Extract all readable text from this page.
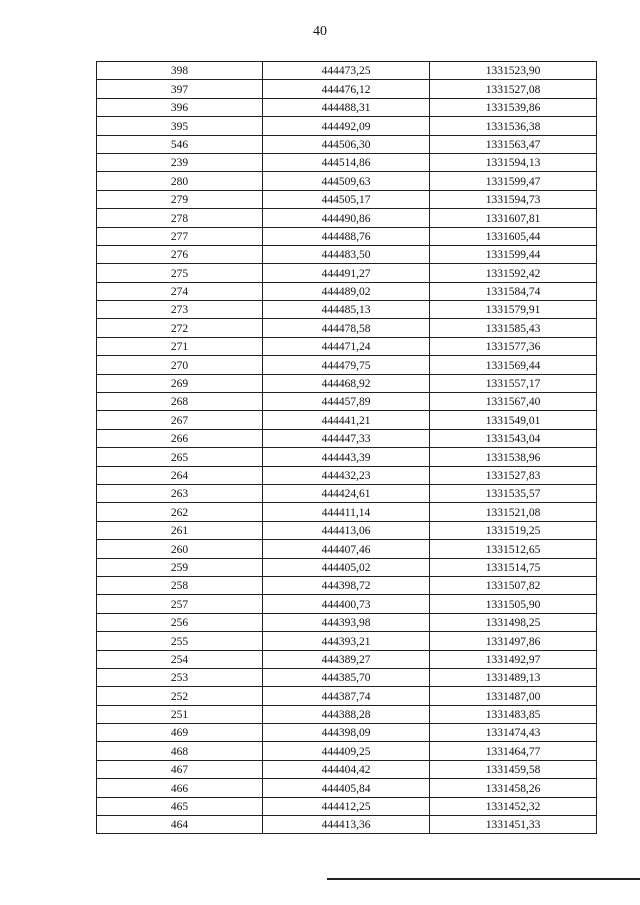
40
398	444473,25	1331523,90
397	444476,12	1331527,08
396	444488,31	1331539,86
395	444492,09	1331536,38
546	444506,30	1331563,47
239	444514,86	1331594,13
280	444509,63	1331599,47
279	444505,17	1331594,73
278	444490,86	1331607,81
277	444488,76	1331605,44
276	444483,50	1331599,44
275	444491,27	1331592,42
274	444489,02	1331584,74
273	444485,13	1331579,91
272	444478,58	1331585,43
271	444471,24	1331577,36
270	444479,75	1331569,44
269	444468,92	1331557,17
268	444457,89	1331567,40
267	444441,21	1331549,01
266	444447,33	1331543,04
265	444443,39	1331538,96
264	444432,23	1331527,83
263	444424,61	1331535,57
262	444411,14	1331521,08
261	444413,06	1331519,25
260	444407,46	1331512,65
259	444405,02	1331514,75
258	444398,72	1331507,82
257	444400,73	1331505,90
256	444393,98	1331498,25
255	444393,21	1331497,86
254	444389,27	1331492,97
253	444385,70	1331489,13
252	444387,74	1331487,00
251	444388,28	1331483,85
469	444398,09	1331474,43
468	444409,25	1331464,77
467	444404,42	1331459,58
466	444405,84	1331458,26
465	444412,25	1331452,32
464	444413,36	1331451,33
